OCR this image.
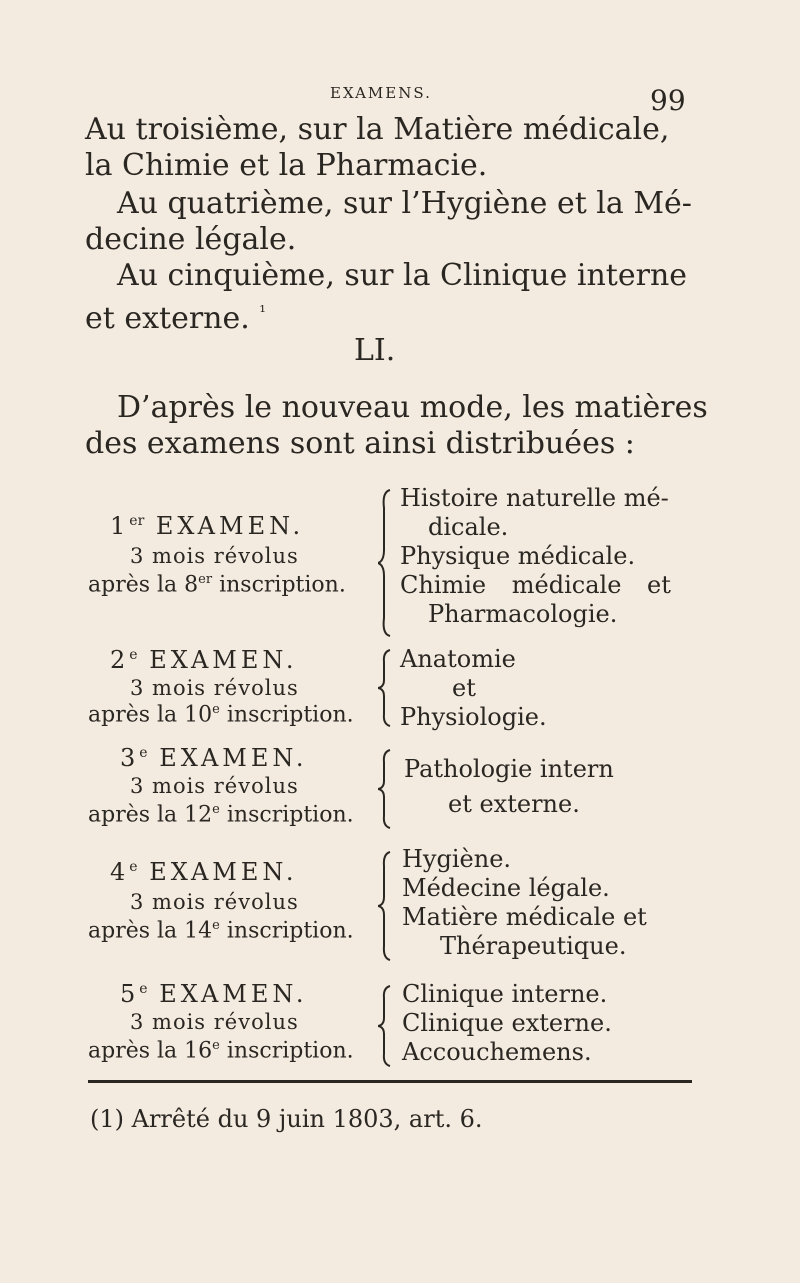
EXAMENS.	99
Au troisième, sur la Matière médicale,
la Chimie et la Pharmacie.
Au quatrième, sur l’Hygiène et la Mé-
decine légale.
Au cinquième, sur la Clinique interne
et externe. $^{^1}$
LI.
D’après le nouveau mode, les matières
des examens sont ainsi distribuées :
1er EXAMEN.
3 mois révolus
après la 8er inscription.
Histoire naturelle mé-
dicale.
Physique médicale.
Chimie médicale et
Pharmacologie.
2e EXAMEN.
3 mois révolus
après la 10e inscription.
Anatomie
et
Physiologie.
3e EXAMEN.
3 mois révolus
après la 12e inscription.
Pathologie intern
et externe.
4e EXAMEN.
3 mois révolus
après la 14e inscription.
Hygiène.
Médecine légale.
Matière médicale et
Thérapeutique.
5e EXAMEN.
3 mois révolus
après la 16e inscription.
Clinique interne.
Clinique externe.
Accouchemens.
(1) Arrêté du 9 juin 1803, art. 6.
